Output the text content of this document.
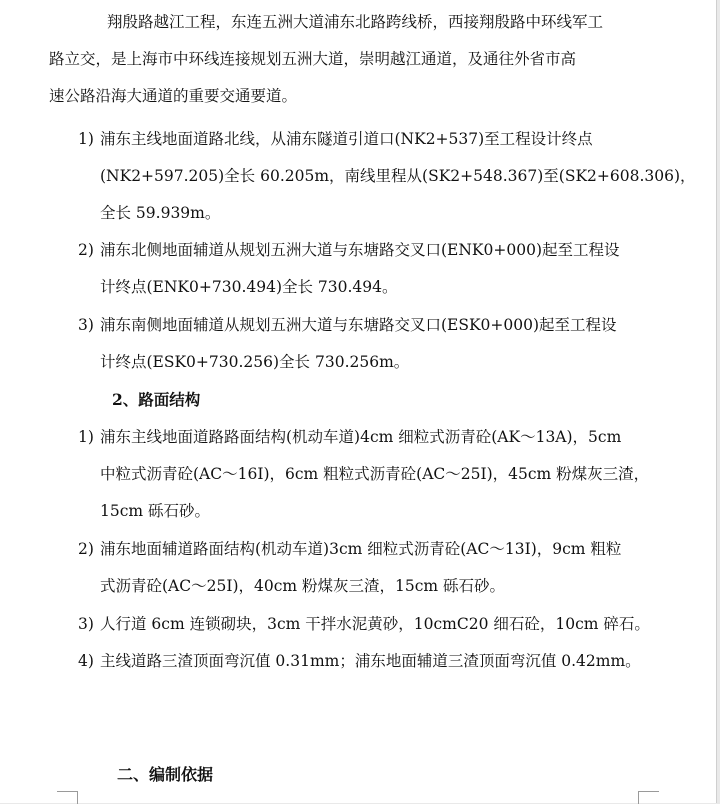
翔殷路越江工程，东连五洲大道浦东北路跨线桥，西接翔殷路中环线军工
路立交，是上海市中环线连接规划五洲大道，崇明越江通道，及通往外省市高
速公路沿海大通道的重要交通要道。
1) 浦东主线地面道路北线，从浦东隧道引道口(NK2+537)至工程设计终点
(NK2+597.205)全长 60.205m，南线里程从(SK2+548.367)至(SK2+608.306)，
全长 59.939m。
2) 浦东北侧地面辅道从规划五洲大道与东塘路交叉口(ENK0+000)起至工程设
计终点(ENK0+730.494)全长 730.494。
3) 浦东南侧地面辅道从规划五洲大道与东塘路交叉口(ESK0+000)起至工程设
计终点(ESK0+730.256)全长 730.256m。
2、路面结构
1) 浦东主线地面道路路面结构(机动车道)4cm 细粒式沥青砼(AK～13A)，5cm
中粒式沥青砼(AC～16I)，6cm 粗粒式沥青砼(AC～25I)，45cm 粉煤灰三渣，
15cm 砾石砂。
2) 浦东地面辅道路面结构(机动车道)3cm 细粒式沥青砼(AC～13I)，9cm 粗粒
式沥青砼(AC～25I)，40cm 粉煤灰三渣，15cm 砾石砂。
3) 人行道 6cm 连锁砌块，3cm 干拌水泥黄砂，10cmC20 细石砼，10cm 碎石。
4) 主线道路三渣顶面弯沉值 0.31mm；浦东地面辅道三渣顶面弯沉值 0.42mm。
二、编制依据
